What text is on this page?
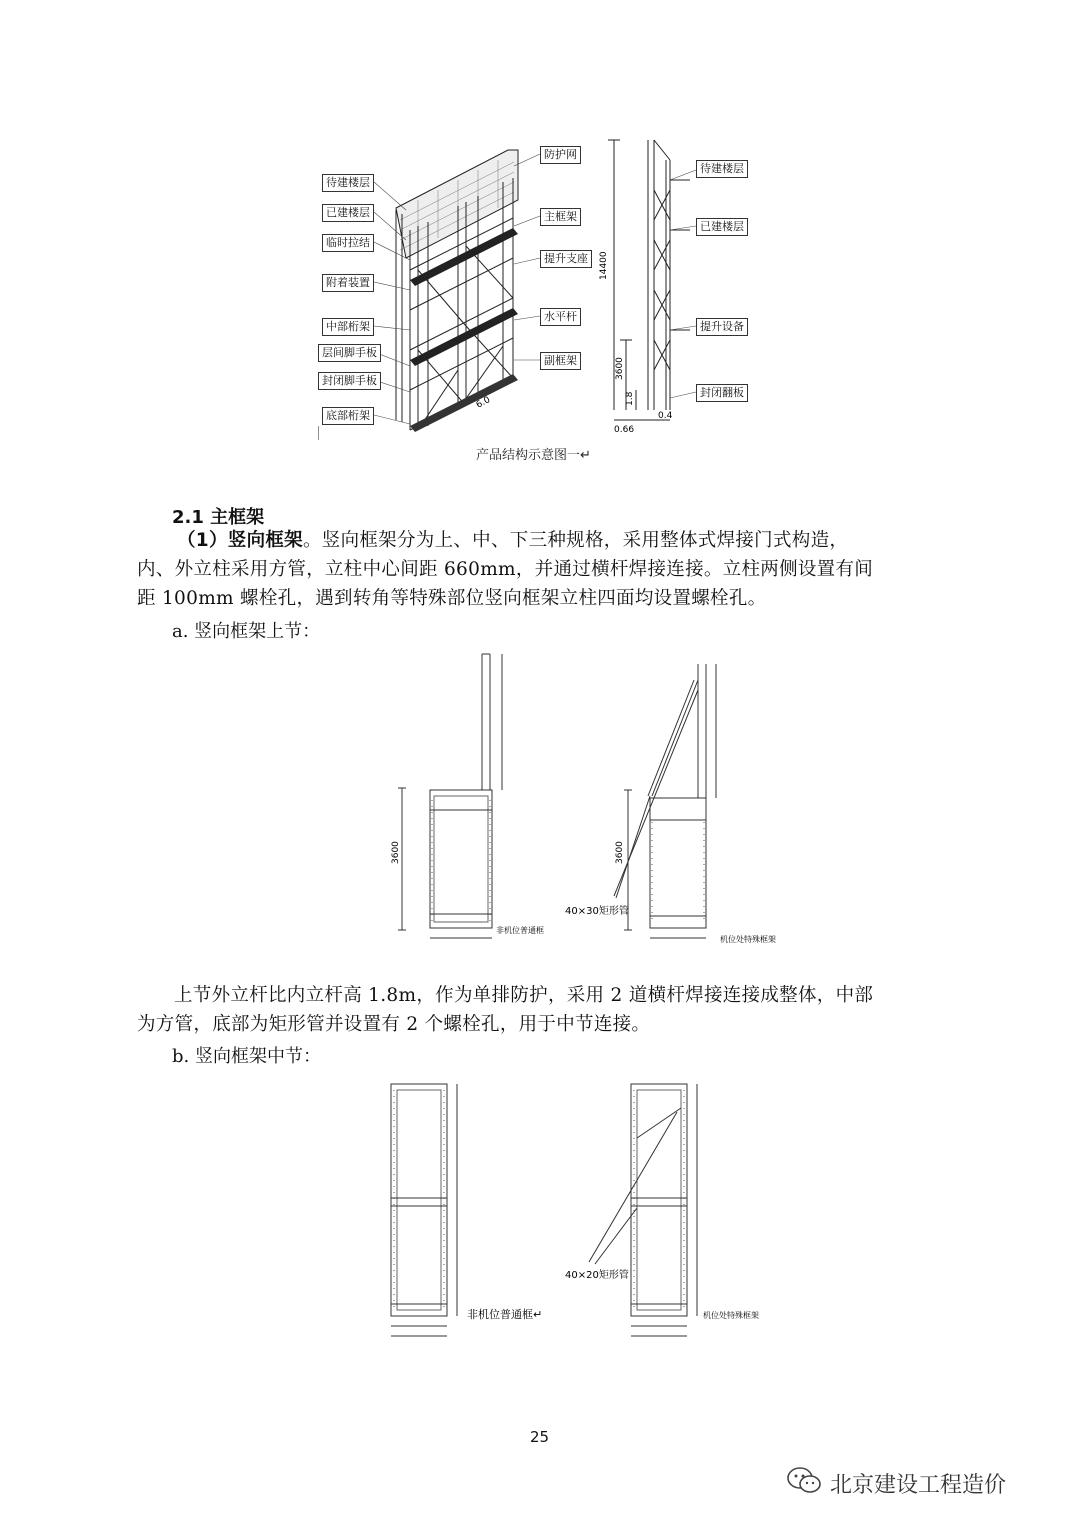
14400
3600
1.8
0.66
0.4
6.0
待建楼层
已建楼层
临时拉结
附着装置
中部桁架
层间脚手板
封闭脚手板
底部桁架
防护网
主框架
提升支座
水平杆
副框架
待建楼层
已建楼层
提升设备
封闭翻板
产品结构示意图一↵
2.1 主框架
（1）竖向框架。竖向框架分为上、中、下三种规格，采用整体式焊接门式构造，
内、外立柱采用方管，立柱中心间距 660mm，并通过横杆焊接连接。立柱两侧设置有间
距 100mm 螺栓孔，遇到转角等特殊部位竖向框架立柱四面均设置螺栓孔。
a. 竖向框架上节：
3600	3600
40×30矩形管
非机位普通框
机位处特殊框架
上节外立杆比内立杆高 1.8m，作为单排防护，采用 2 道横杆焊接连接成整体，中部
为方管，底部为矩形管并设置有 2 个螺栓孔，用于中节连接。
b. 竖向框架中节：
40×20矩形管
非机位普通框↵	机位处特殊框架
25
北京建设工程造价
